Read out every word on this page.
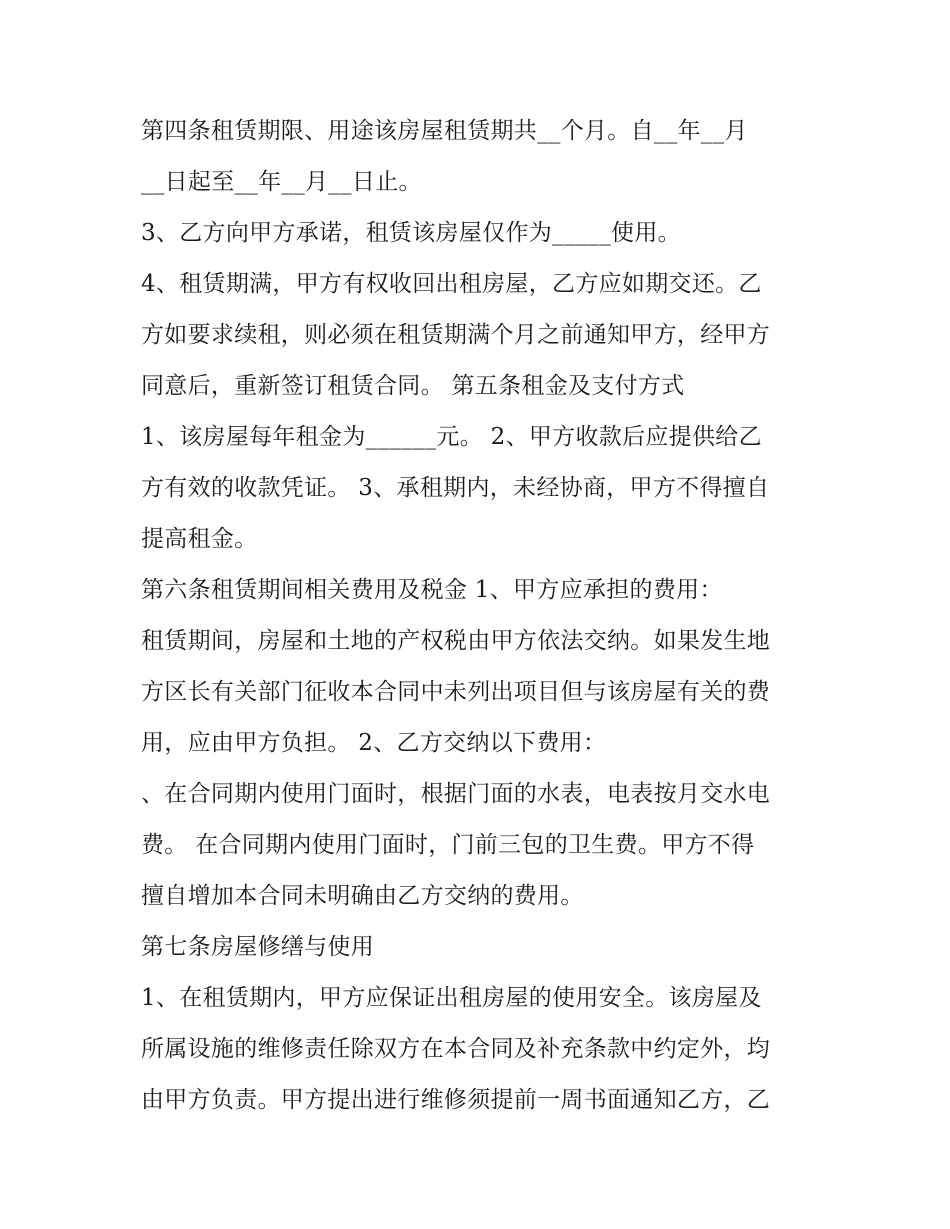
第四条租赁期限、用途该房屋租赁期共__个月。自__年__月
__日起至__年__月__日止。
3、乙方向甲方承诺，租赁该房屋仅作为_____使用。
4、租赁期满，甲方有权收回出租房屋，乙方应如期交还。乙
方如要求续租，则必须在租赁期满个月之前通知甲方，经甲方
同意后，重新签订租赁合同。 第五条租金及支付方式
1、该房屋每年租金为______元。 2、甲方收款后应提供给乙
方有效的收款凭证。 3、承租期内，未经协商，甲方不得擅自
提高租金。
第六条租赁期间相关费用及税金 1、甲方应承担的费用：
租赁期间，房屋和土地的产权税由甲方依法交纳。如果发生地
方区长有关部门征收本合同中未列出项目但与该房屋有关的费
用，应由甲方负担。 2、乙方交纳以下费用：
、在合同期内使用门面时，根据门面的水表，电表按月交水电
费。 在合同期内使用门面时，门前三包的卫生费。甲方不得
擅自增加本合同未明确由乙方交纳的费用。
第七条房屋修缮与使用
1、在租赁期内，甲方应保证出租房屋的使用安全。该房屋及
所属设施的维修责任除双方在本合同及补充条款中约定外，均
由甲方负责。甲方提出进行维修须提前一周书面通知乙方，乙
